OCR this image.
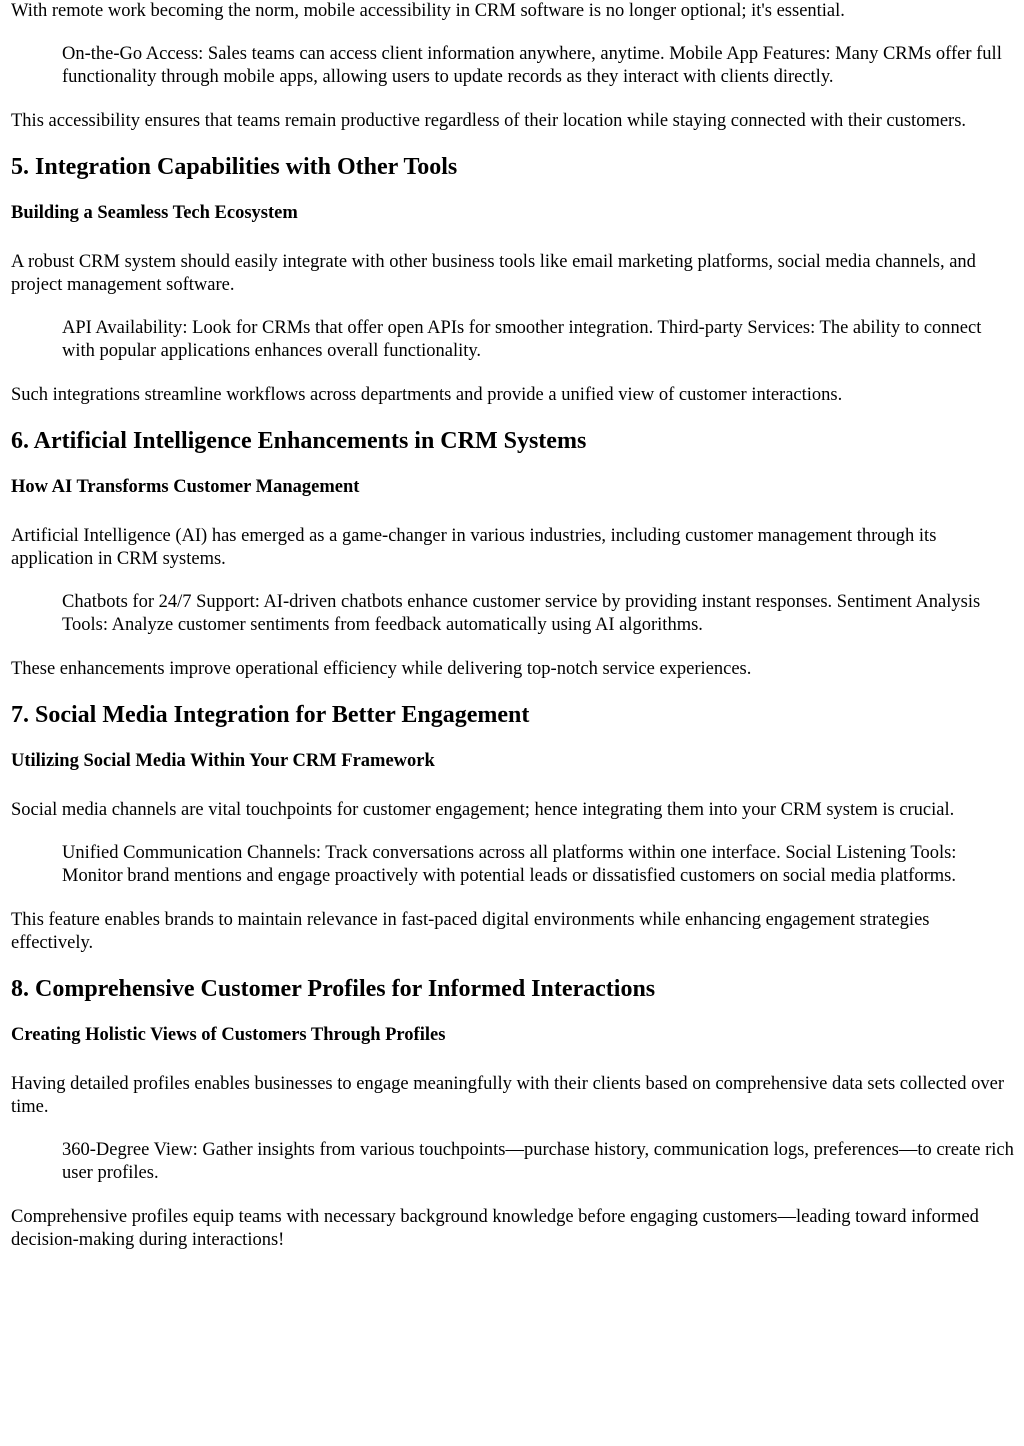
With remote work becoming the norm, mobile accessibility in CRM software is no longer optional; it's essential.

On-the-Go Access: Sales teams can access client information anywhere, anytime. Mobile App Features: Many CRMs offer full functionality through mobile apps, allowing users to update records as they interact with clients directly.

This accessibility ensures that teams remain productive regardless of their location while staying connected with their customers.

5. Integration Capabilities with Other Tools
Building a Seamless Tech Ecosystem

A robust CRM system should easily integrate with other business tools like email marketing platforms, social media channels, and project management software.

API Availability: Look for CRMs that offer open APIs for smoother integration. Third-party Services: The ability to connect with popular applications enhances overall functionality.

Such integrations streamline workflows across departments and provide a unified view of customer interactions.

6. Artificial Intelligence Enhancements in CRM Systems
How AI Transforms Customer Management

Artificial Intelligence (AI) has emerged as a game-changer in various industries, including customer management through its application in CRM systems.

Chatbots for 24/7 Support: AI-driven chatbots enhance customer service by providing instant responses. Sentiment Analysis Tools: Analyze customer sentiments from feedback automatically using AI algorithms.

These enhancements improve operational efficiency while delivering top-notch service experiences.

7. Social Media Integration for Better Engagement
Utilizing Social Media Within Your CRM Framework

Social media channels are vital touchpoints for customer engagement; hence integrating them into your CRM system is crucial.

Unified Communication Channels: Track conversations across all platforms within one interface. Social Listening Tools: Monitor brand mentions and engage proactively with potential leads or dissatisfied customers on social media platforms.

This feature enables brands to maintain relevance in fast-paced digital environments while enhancing engagement strategies effectively.

8. Comprehensive Customer Profiles for Informed Interactions
Creating Holistic Views of Customers Through Profiles

Having detailed profiles enables businesses to engage meaningfully with their clients based on comprehensive data sets collected over time.

360-Degree View: Gather insights from various touchpoints—purchase history, communication logs, preferences—to create rich user profiles.

Comprehensive profiles equip teams with necessary background knowledge before engaging customers—leading toward informed decision-making during interactions!
